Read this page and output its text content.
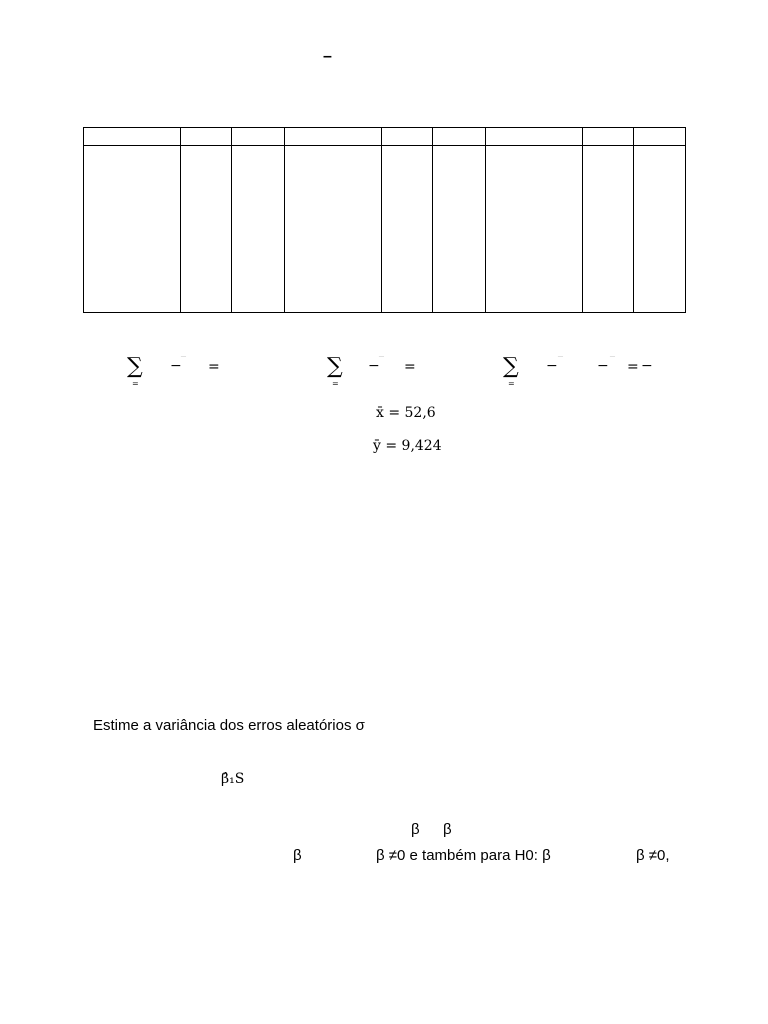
–

∑
=
− ¯ =	∑
=
− ¯ =	∑
=
− ¯ − ¯ = −
x̄ = 52,6
ȳ = 9,424
Estime a variância dos erros aleatórios σ
β̂₁S
β β
β	β ≠0 e também para H0: β	β ≠0,
